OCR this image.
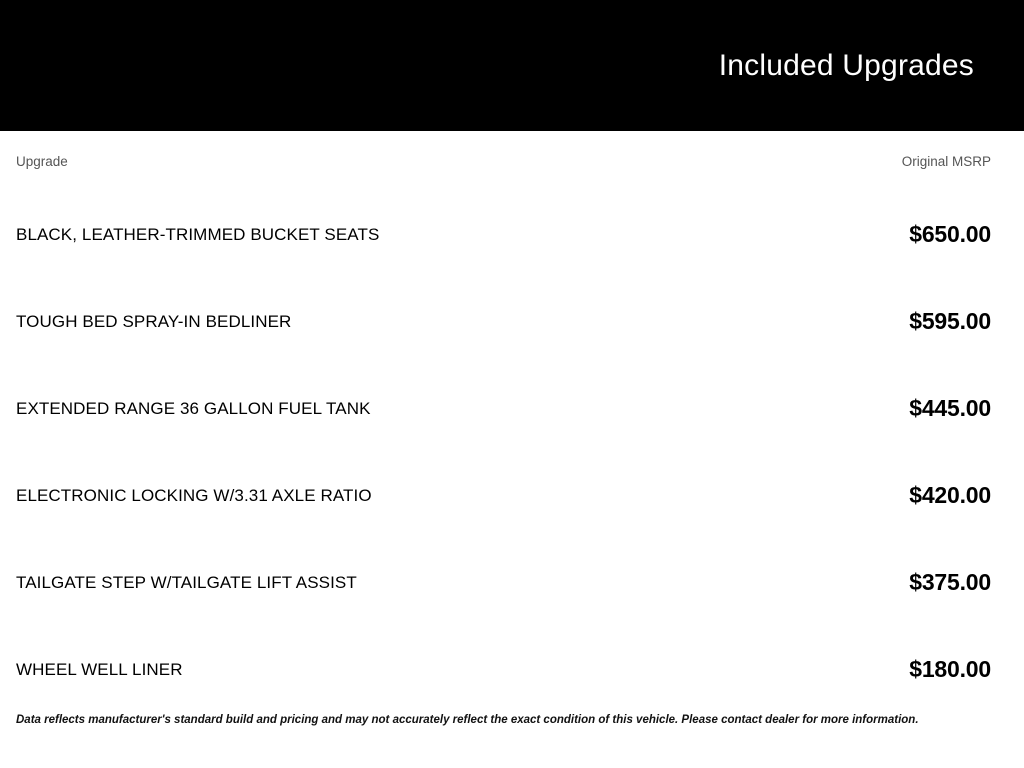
Included Upgrades
Upgrade	Original MSRP
BLACK, LEATHER-TRIMMED BUCKET SEATS	$650.00
TOUGH BED SPRAY-IN BEDLINER	$595.00
EXTENDED RANGE 36 GALLON FUEL TANK	$445.00
ELECTRONIC LOCKING W/3.31 AXLE RATIO	$420.00
TAILGATE STEP W/TAILGATE LIFT ASSIST	$375.00
WHEEL WELL LINER	$180.00
Data reflects manufacturer's standard build and pricing and may not accurately reflect the exact condition of this vehicle. Please contact dealer for more information.
